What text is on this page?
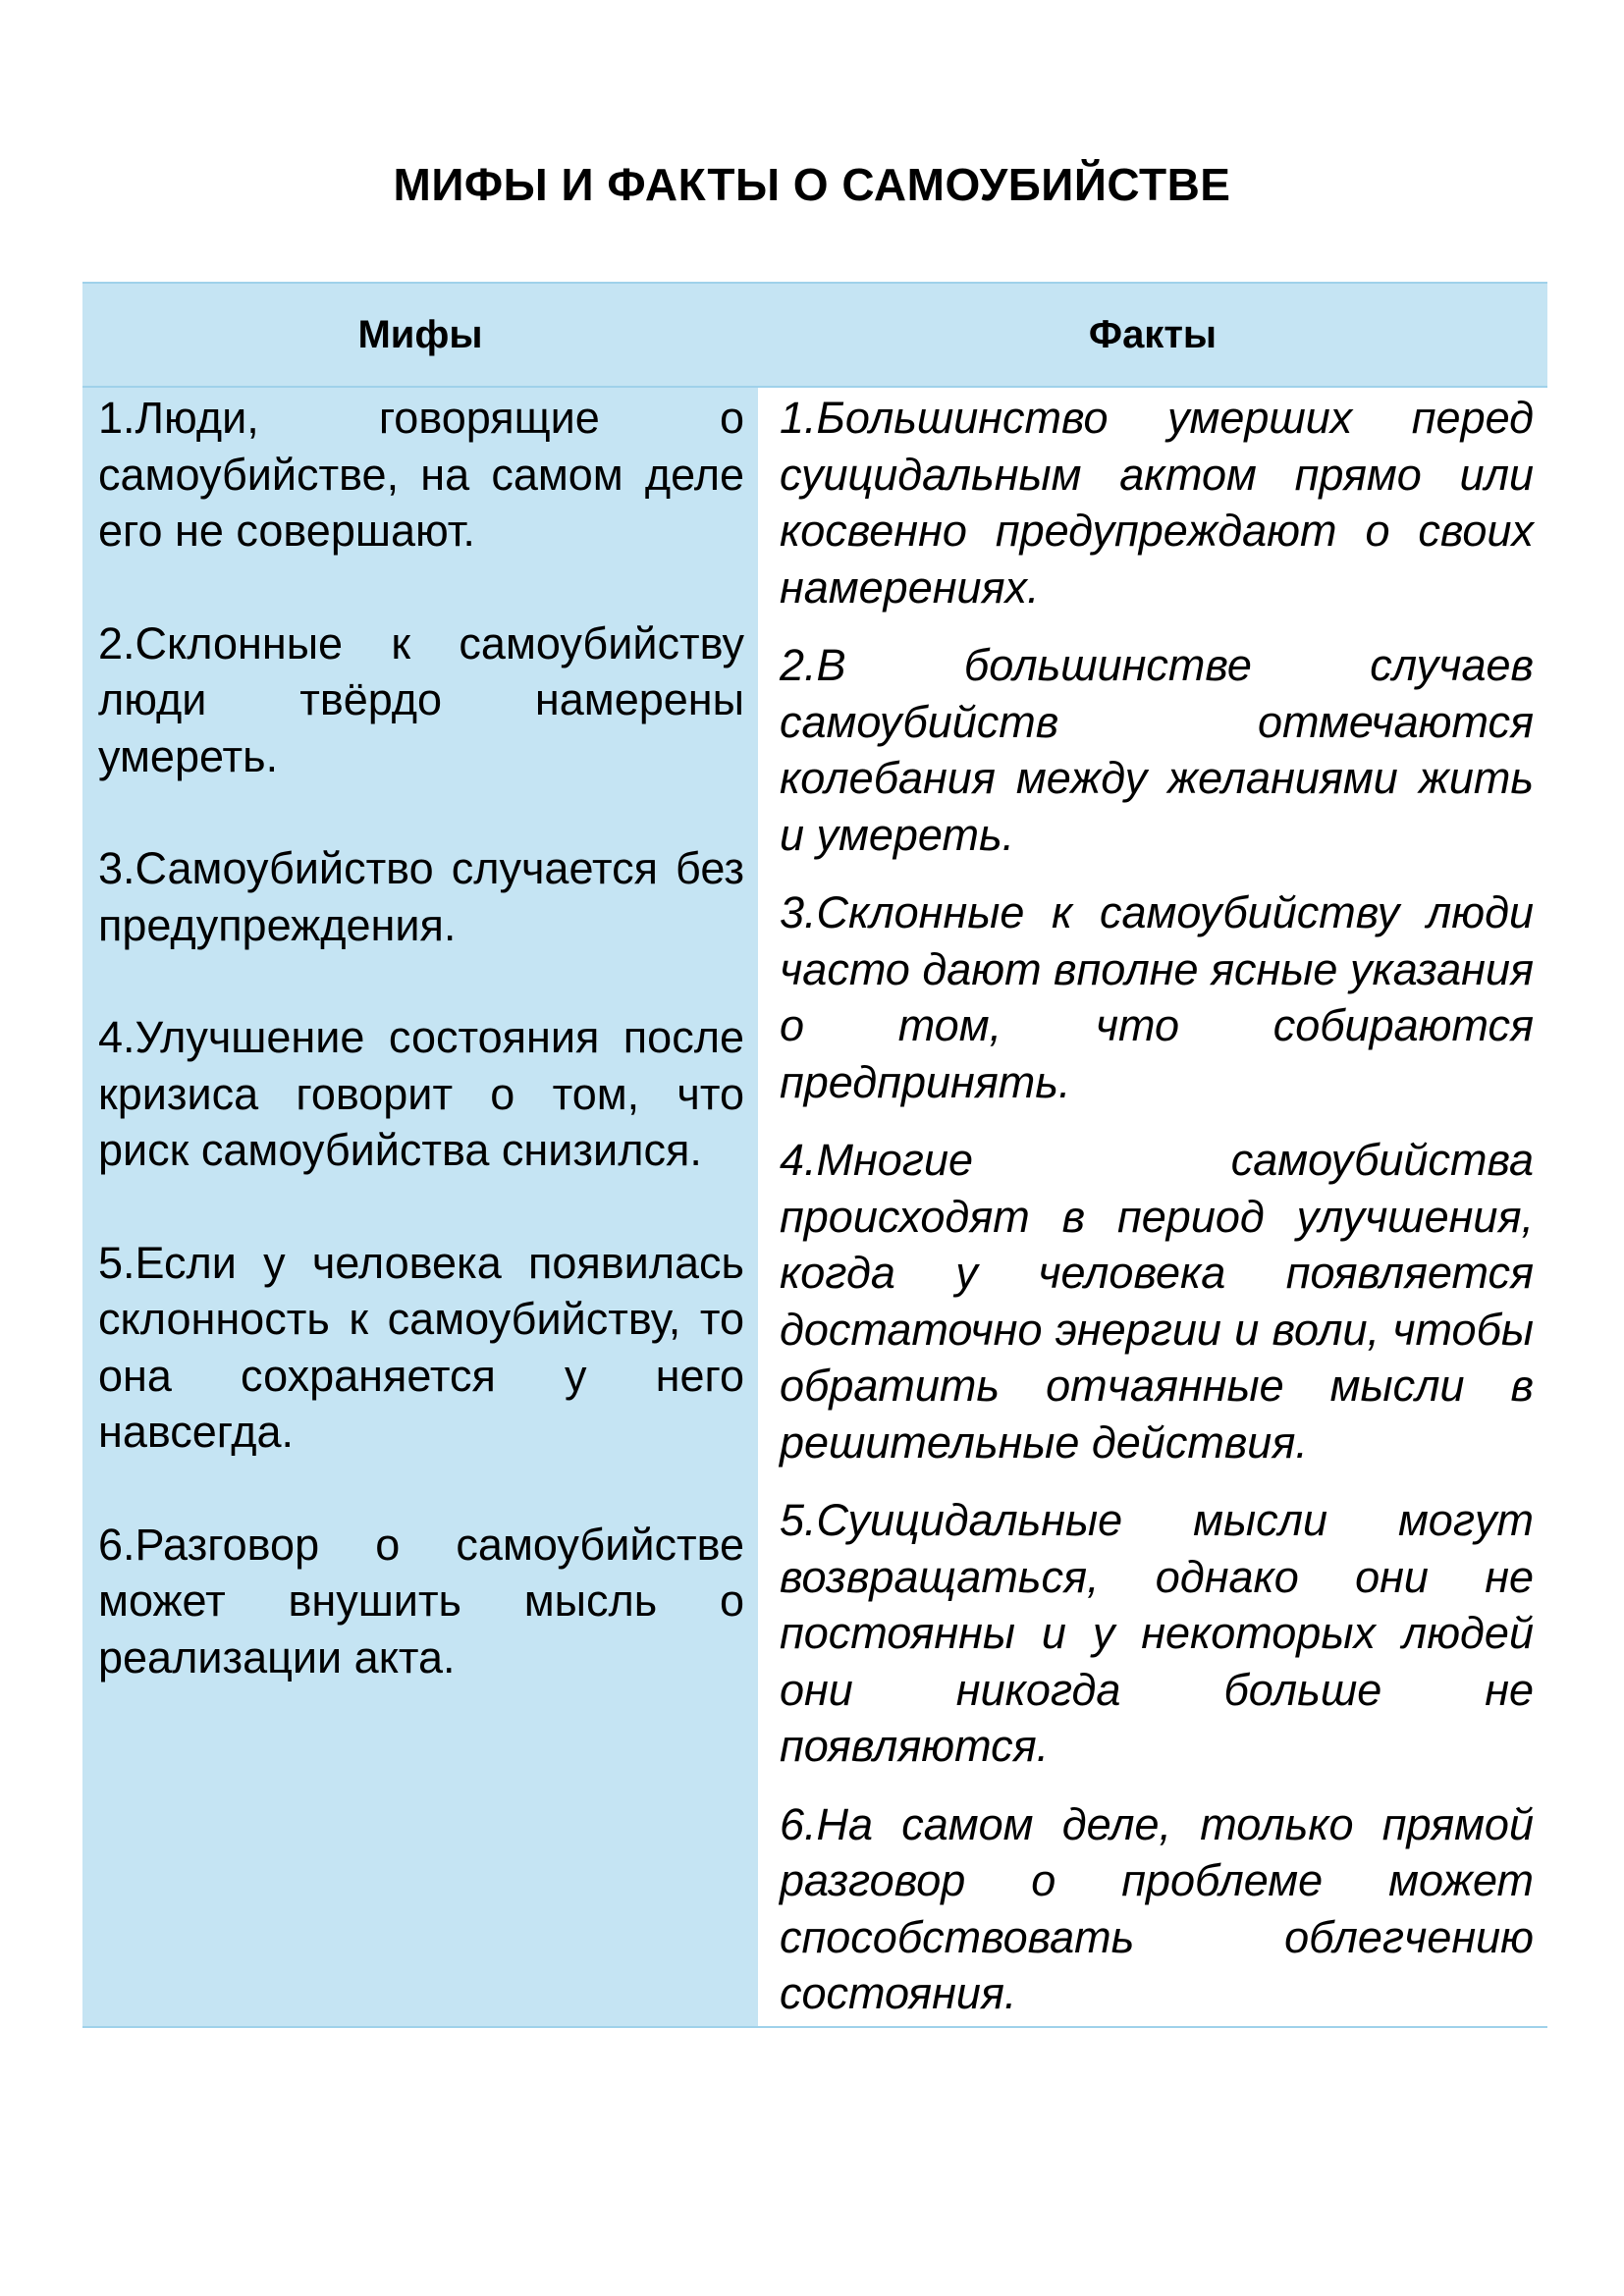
МИФЫ И ФАКТЫ О САМОУБИЙСТВЕ
Мифы	Факты

1.Люди, говорящие о самоубийстве, на самом деле его не совершают.

2.Склонные к самоубийству люди твёрдо намерены умереть.

3.Самоубийство случается без предупреждения.

4.Улучшение состояния после кризиса говорит о том, что риск самоубийства снизился.

5.Если у человека появилась склонность к самоубийству, то она сохраняется у него навсегда.

6.Разговор о самоубийстве может внушить мысль о реализации акта.

1.Большинство умерших перед суицидальным актом прямо или косвенно предупреждают о своих намерениях.

2.В большинстве случаев самоубийств отмечаются колебания между желаниями жить и умереть.

3.Склонные к самоубийству люди часто дают вполне ясные указания о том, что собираются предпринять.

4.Многие самоубийства происходят в период улучшения, когда у человека появляется достаточно энергии и воли, чтобы обратить отчаянные мысли в решительные действия.

5.Суицидальные мысли могут возвращаться, однако они не постоянны и у некоторых людей они никогда больше не появляются.

6.На самом деле, только прямой разговор о проблеме может способствовать облегчению состояния.
